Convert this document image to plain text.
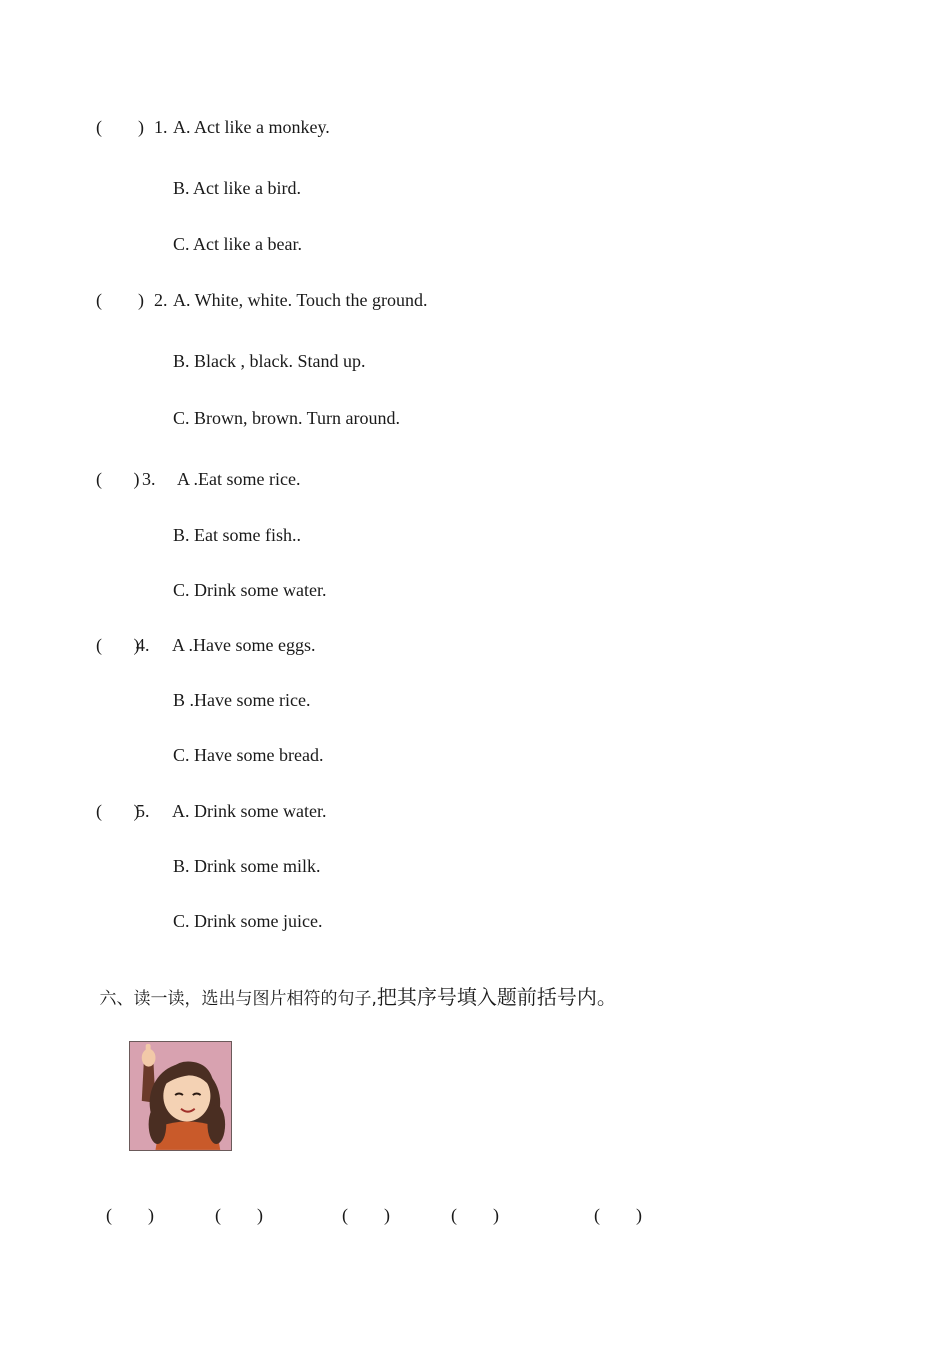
(        ) 1. A. Act like a monkey.
B. Act like a bird.
C. Act like a bear.
(        ) 2. A. White, white. Touch the ground.
B. Black , black. Stand up.
C. Brown, brown. Turn around.
(       ) 3. A .Eat some rice.
B. Eat some fish..
C. Drink some water.
(       )
4. A .Have some eggs.
B .Have some rice.
C. Have some bread.
(       )
5. A. Drink some water.
B. Drink some milk.
C. Drink some juice.

六、读一读，选出与图片相符的句子,把其序号填入题前括号内。

(        )	(        )	(        )	(        )	(        )
